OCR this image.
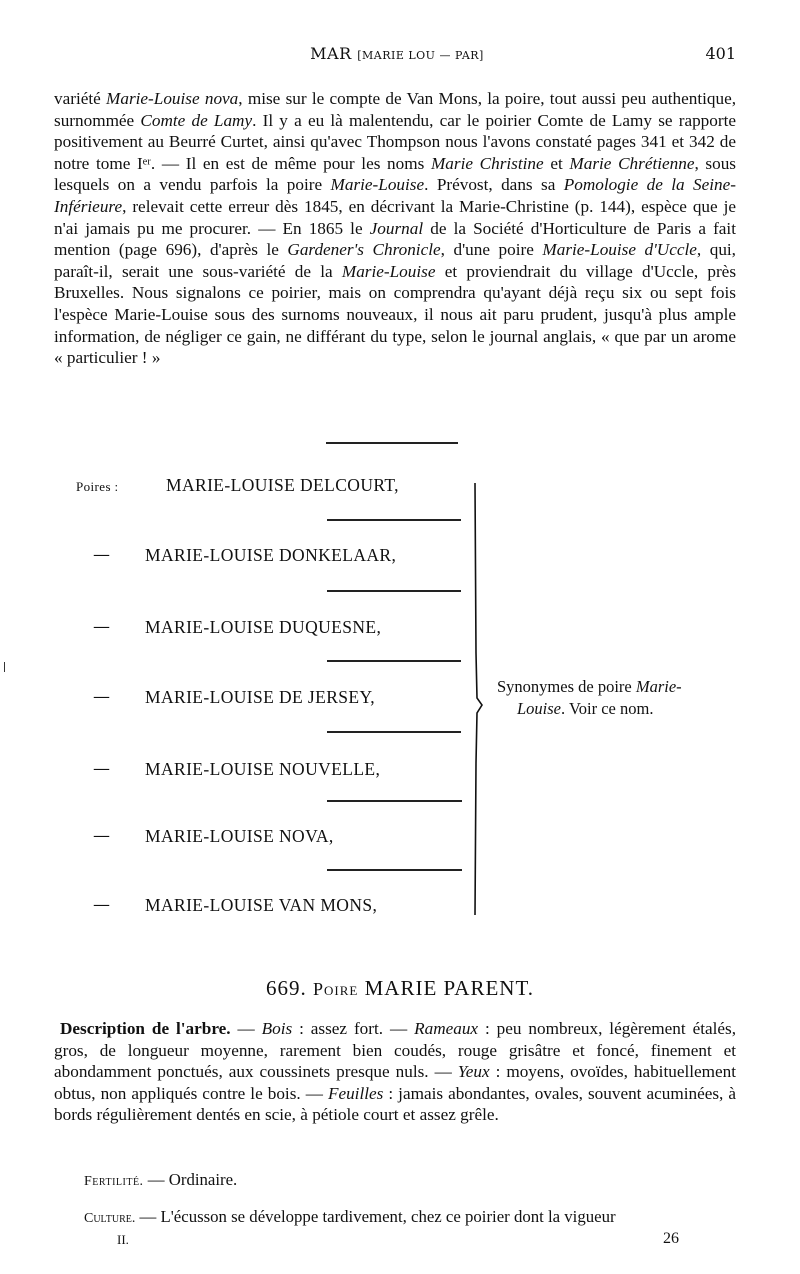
MAR [MARIE LOU — PAR]	401

variété Marie-Louise nova, mise sur le compte de Van Mons, la poire, tout aussi peu authentique, surnommée Comte de Lamy. Il y a eu là malentendu, car le poirier Comte de Lamy se rapporte positivement au Beurré Curtet, ainsi qu'avec Thompson nous l'avons constaté pages 341 et 342 de notre tome Iᵉʳ. — Il en est de même pour les noms Marie Christine et Marie Chrétienne, sous lesquels on a vendu parfois la poire Marie-Louise. Prévost, dans sa Pomologie de la Seine-Inférieure, relevait cette erreur dès 1845, en décrivant la Marie-Christine (p. 144), espèce que je n'ai jamais pu me procurer. — En 1865 le Journal de la Société d'Horticulture de Paris a fait mention (page 696), d'après le Gardener's Chronicle, d'une poire Marie-Louise d'Uccle, qui, paraît-il, serait une sous-variété de la Marie-Louise et proviendrait du village d'Uccle, près Bruxelles. Nous signalons ce poirier, mais on comprendra qu'ayant déjà reçu six ou sept fois l'espèce Marie-Louise sous des surnoms nouveaux, il nous ait paru prudent, jusqu'à plus ample information, de négliger ce gain, ne différant du type, selon le journal anglais, « que par un arome « particulier ! »

Poires :	MARIE-LOUISE DELCOURT,
— MARIE-LOUISE DONKELAAR,
— MARIE-LOUISE DUQUESNE,
— MARIE-LOUISE DE JERSEY,
— MARIE-LOUISE NOUVELLE,
— MARIE-LOUISE NOVA,
— MARIE-LOUISE VAN MONS,
Synonymes de poire Marie-
Louise. Voir ce nom.
669. Poire MARIE PARENT.

Description de l'arbre. — Bois : assez fort. — Rameaux : peu nombreux, légèrement étalés, gros, de longueur moyenne, rarement bien coudés, rouge grisâtre et foncé, finement et abondamment ponctués, aux coussinets presque nuls. — Yeux : moyens, ovoïdes, habituellement obtus, non appliqués contre le bois. — Feuilles : jamais abondantes, ovales, souvent acuminées, à bords régulièrement dentés en scie, à pétiole court et assez grêle.

Fertilité. — Ordinaire.
Culture. — L'écusson se développe tardivement, chez ce poirier dont la vigueur
II.	26
